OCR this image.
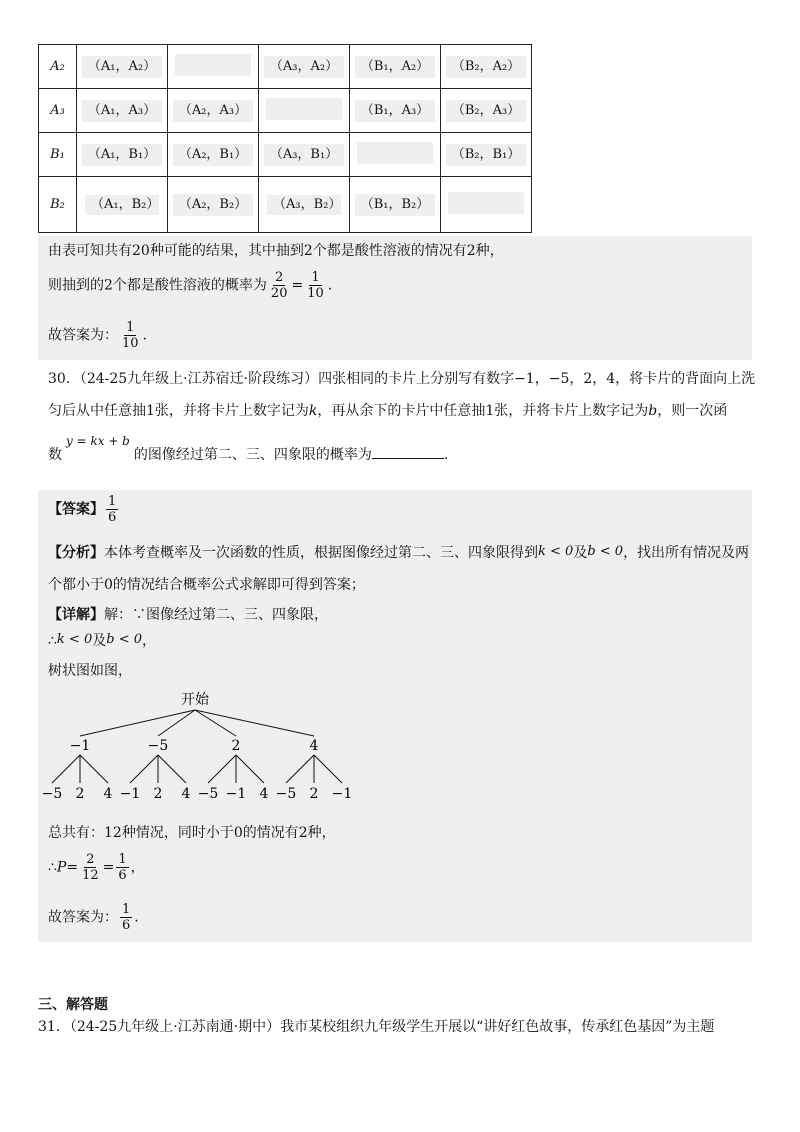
A₂	（A₁，A₂）		（A₃，A₂）	（B₁，A₂）	（B₂，A₂）
A₃	（A₁，A₃）	（A₂，A₃）		（B₁，A₃）	（B₂，A₃）
B₁	（A₁，B₁）	（A₂，B₁）	（A₃，B₁）		（B₂，B₁）
B₂	（A₁，B₂）	（A₂，B₂）	（A₃，B₂）	（B₁，B₂）	
由表可知共有20种可能的结果，其中抽到2个都是酸性溶液的情况有2种，
则抽到的2个都是酸性溶液的概率为 $\frac{2}{20} = \frac{1}{10}$ .
故答案为： $\frac{1}{10}$ .
30．（24-25九年级上·江苏宿迁·阶段练习）四张相同的卡片上分别写有数字−1，−5，2，4，将卡片的背面向上洗
匀后从中任意抽1张，并将卡片上数字记为k，再从余下的卡片中任意抽1张，并将卡片上数字记为b，则一次函
数y = kx + b的图像经过第二、三、四象限的概率为	.
【答案】 $\frac{1}{6}$
【分析】本体考查概率及一次函数的性质，根据图像经过第二、三、四象限得到k < 0及b < 0，找出所有情况及两
个都小于0的情况结合概率公式求解即可得到答案；
【详解】解：∵图像经过第二、三、四象限，
∴k < 0及b < 0，
树状图如图，
开始
−1
−5 2 4
−5
−1 2 4
2
−5 −1 4
4
−5 2 −1
总共有：12种情况，同时小于0的情况有2种，
∴P= $\frac{2}{12} = \frac{1}{6}$ ，
故答案为： $\frac{1}{6}$ .
三、解答题
31．（24-25九年级上·江苏南通·期中）我市某校组织九年级学生开展以“讲好红色故事，传承红色基因”为主题
